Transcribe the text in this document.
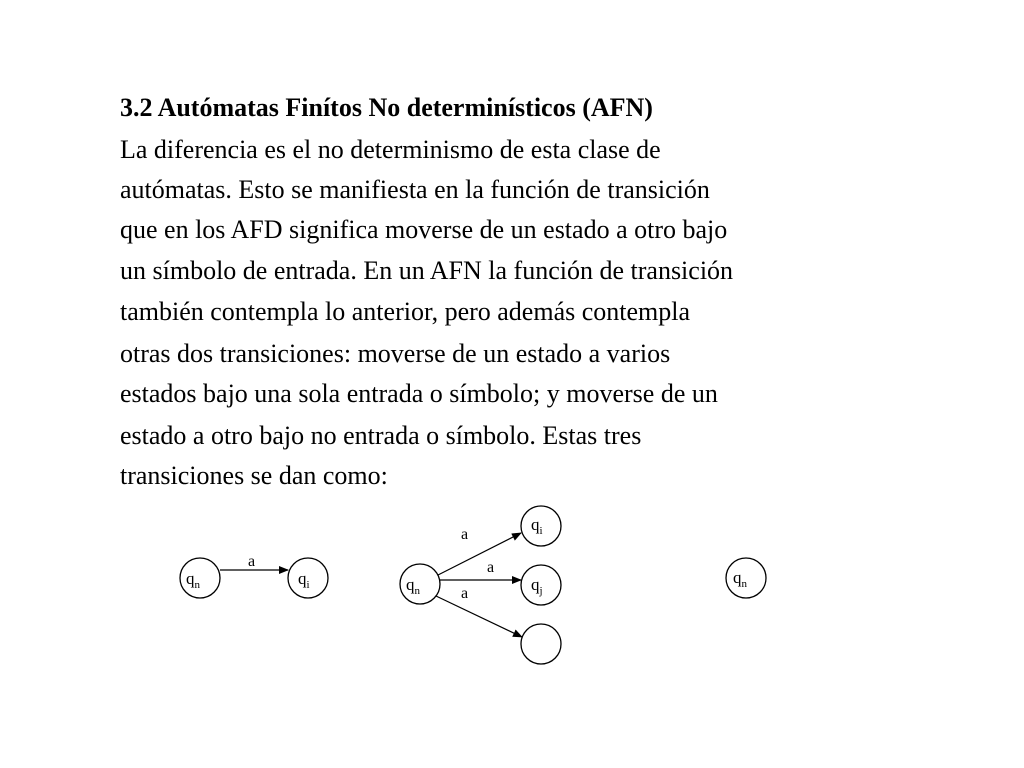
3.2 Autómatas Finítos No determinísticos (AFN)

La diferencia es el no determinismo de esta clase de

autómatas. Esto se manifiesta en la función de transición

que en los AFD significa moverse de un estado a otro bajo

un símbolo de entrada. En un AFN la función de transición

también contempla lo anterior, pero además contempla

otras dos transiciones: moverse de un estado a varios

estados bajo una sola entrada o símbolo; y moverse de un

estado a otro bajo no entrada o símbolo. Estas tres

transiciones se dan como:

$q_n$	$q_i$
a
$q_n$
$q_i$
$q_j$
a
a
a
$q_n$
